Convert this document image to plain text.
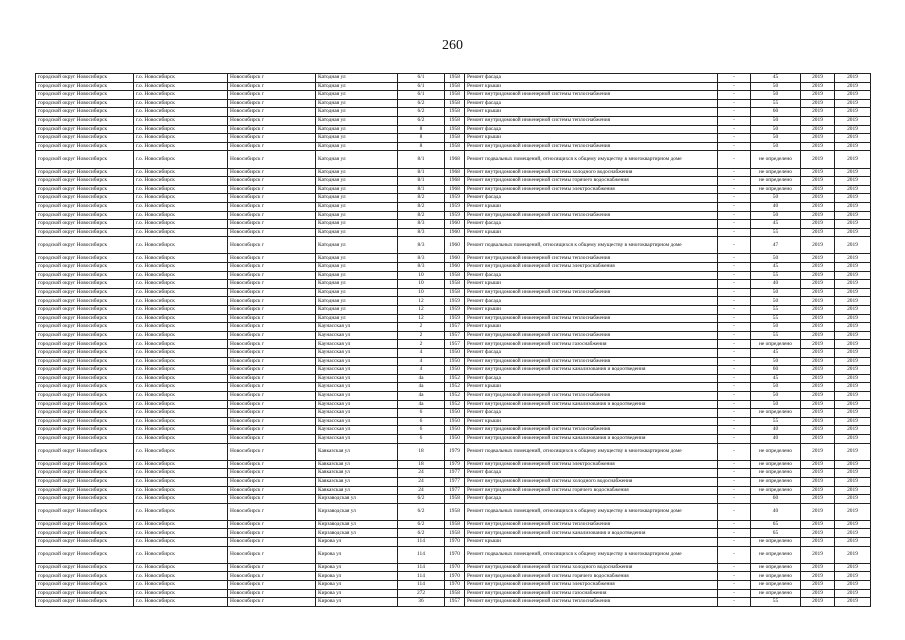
260
городской округ Новосибирск	г.о. Новосибирск	Новосибирск г	Катодная ул	6/1	1958	Ремонт фасада	-	45	2019	2019
городской округ Новосибирск	г.о. Новосибирск	Новосибирск г	Катодная ул	6/1	1958	Ремонт крыши	-	50	2019	2019
городской округ Новосибирск	г.о. Новосибирск	Новосибирск г	Катодная ул	6/1	1958	Ремонт внутридомовой инженерной системы теплоснабжения	-	50	2019	2019
городской округ Новосибирск	г.о. Новосибирск	Новосибирск г	Катодная ул	6/2	1958	Ремонт фасада	-	55	2019	2019
городской округ Новосибирск	г.о. Новосибирск	Новосибирск г	Катодная ул	6/2	1958	Ремонт крыши	-	60	2019	2019
городской округ Новосибирск	г.о. Новосибирск	Новосибирск г	Катодная ул	6/2	1958	Ремонт внутридомовой инженерной системы теплоснабжения	-	50	2019	2019
городской округ Новосибирск	г.о. Новосибирск	Новосибирск г	Катодная ул	8	1958	Ремонт фасада	-	50	2019	2019
городской округ Новосибирск	г.о. Новосибирск	Новосибирск г	Катодная ул	8	1958	Ремонт крыши	-	50	2019	2019
городской округ Новосибирск	г.о. Новосибирск	Новосибирск г	Катодная ул	8	1958	Ремонт внутридомовой инженерной системы теплоснабжения	-	50	2019	2019
городской округ Новосибирск	г.о. Новосибирск	Новосибирск г	Катодная ул	8/1	1968	Ремонт подвальных помещений, относящихся к общему имуществу в многоквартирном доме	-	не определено	2019	2019
городской округ Новосибирск	г.о. Новосибирск	Новосибирск г	Катодная ул	8/1	1968	Ремонт внутридомовой инженерной системы холодного водоснабжения	-	не определено	2019	2019
городской округ Новосибирск	г.о. Новосибирск	Новосибирск г	Катодная ул	8/1	1968	Ремонт внутридомовой инженерной системы горячего водоснабжения	-	не определено	2019	2019
городской округ Новосибирск	г.о. Новосибирск	Новосибирск г	Катодная ул	8/1	1968	Ремонт внутридомовой инженерной системы электроснабжения	-	не определено	2019	2019
городской округ Новосибирск	г.о. Новосибирск	Новосибирск г	Катодная ул	8/2	1959	Ремонт фасада	-	50	2019	2019
городской округ Новосибирск	г.о. Новосибирск	Новосибирск г	Катодная ул	8/2	1959	Ремонт крыши	-	40	2019	2019
городской округ Новосибирск	г.о. Новосибирск	Новосибирск г	Катодная ул	8/2	1959	Ремонт внутридомовой инженерной системы теплоснабжения	-	50	2019	2019
городской округ Новосибирск	г.о. Новосибирск	Новосибирск г	Катодная ул	8/3	1960	Ремонт фасада	-	45	2019	2019
городской округ Новосибирск	г.о. Новосибирск	Новосибирск г	Катодная ул	8/3	1960	Ремонт крыши	-	55	2019	2019
городской округ Новосибирск	г.о. Новосибирск	Новосибирск г	Катодная ул	8/3	1960	Ремонт подвальных помещений, относящихся к общему имуществу в многоквартирном доме	-	47	2019	2019
городской округ Новосибирск	г.о. Новосибирск	Новосибирск г	Катодная ул	8/3	1960	Ремонт внутридомовой инженерной системы теплоснабжения	-	50	2019	2019
городской округ Новосибирск	г.о. Новосибирск	Новосибирск г	Катодная ул	8/3	1960	Ремонт внутридомовой инженерной системы электроснабжения	-	45	2019	2019
городской округ Новосибирск	г.о. Новосибирск	Новосибирск г	Катодная ул	10	1958	Ремонт фасада	-	55	2019	2019
городской округ Новосибирск	г.о. Новосибирск	Новосибирск г	Катодная ул	10	1958	Ремонт крыши	-	40	2019	2019
городской округ Новосибирск	г.о. Новосибирск	Новосибирск г	Катодная ул	10	1958	Ремонт внутридомовой инженерной системы теплоснабжения	-	50	2019	2019
городской округ Новосибирск	г.о. Новосибирск	Новосибирск г	Катодная ул	12	1959	Ремонт фасада	-	50	2019	2019
городской округ Новосибирск	г.о. Новосибирск	Новосибирск г	Катодная ул	12	1959	Ремонт крыши	-	55	2019	2019
городской округ Новосибирск	г.о. Новосибирск	Новосибирск г	Катодная ул	12	1959	Ремонт внутридомовой инженерной системы теплоснабжения	-	55	2019	2019
городской округ Новосибирск	г.о. Новосибирск	Новосибирск г	Каунасская ул	2	1957	Ремонт крыши	-	50	2019	2019
городской округ Новосибирск	г.о. Новосибирск	Новосибирск г	Каунасская ул	2	1957	Ремонт внутридомовой инженерной системы теплоснабжения	-	55	2019	2019
городской округ Новосибирск	г.о. Новосибирск	Новосибирск г	Каунасская ул	2	1957	Ремонт внутридомовой инженерной системы газоснабжения	-	не определено	2019	2019
городской округ Новосибирск	г.о. Новосибирск	Новосибирск г	Каунасская ул	4	1950	Ремонт фасада	-	45	2019	2019
городской округ Новосибирск	г.о. Новосибирск	Новосибирск г	Каунасская ул	4	1950	Ремонт внутридомовой инженерной системы теплоснабжения	-	50	2019	2019
городской округ Новосибирск	г.о. Новосибирск	Новосибирск г	Каунасская ул	4	1950	Ремонт внутридомовой инженерной системы канализования и водоотведения	-	60	2019	2019
городской округ Новосибирск	г.о. Новосибирск	Новосибирск г	Каунасская ул	4а	1952	Ремонт фасада	-	45	2019	2019
городской округ Новосибирск	г.о. Новосибирск	Новосибирск г	Каунасская ул	4а	1952	Ремонт крыши	-	50	2019	2019
городской округ Новосибирск	г.о. Новосибирск	Новосибирск г	Каунасская ул	4а	1952	Ремонт внутридомовой инженерной системы теплоснабжения	-	50	2019	2019
городской округ Новосибирск	г.о. Новосибирск	Новосибирск г	Каунасская ул	4а	1952	Ремонт внутридомовой инженерной системы канализования и водоотведения	-	50	2019	2019
городской округ Новосибирск	г.о. Новосибирск	Новосибирск г	Каунасская ул	6	1950	Ремонт фасада	-	не определено	2019	2019
городской округ Новосибирск	г.о. Новосибирск	Новосибирск г	Каунасская ул	6	1950	Ремонт крыши	-	55	2019	2019
городской округ Новосибирск	г.о. Новосибирск	Новосибирск г	Каунасская ул	6	1950	Ремонт внутридомовой инженерной системы теплоснабжения	-	40	2019	2019
городской округ Новосибирск	г.о. Новосибирск	Новосибирск г	Каунасская ул	6	1950	Ремонт внутридомовой инженерной системы канализования и водоотведения	-	40	2019	2019
городской округ Новосибирск	г.о. Новосибирск	Новосибирск г	Кавказская ул	18	1979	Ремонт подвальных помещений, относящихся к общему имуществу в многоквартирном доме	-	не определено	2019	2019
городской округ Новосибирск	г.о. Новосибирск	Новосибирск г	Кавказская ул	18	1979	Ремонт внутридомовой инженерной системы электроснабжения	-	не определено	2019	2019
городской округ Новосибирск	г.о. Новосибирск	Новосибирск г	Кавказская ул	24	1977	Ремонт фасада	-	не определено	2019	2019
городской округ Новосибирск	г.о. Новосибирск	Новосибирск г	Кавказская ул	24	1977	Ремонт внутридомовой инженерной системы холодного водоснабжения	-	не определено	2019	2019
городской округ Новосибирск	г.о. Новосибирск	Новосибирск г	Кавказская ул	24	1977	Ремонт внутридомовой инженерной системы горячего водоснабжения	-	не определено	2019	2019
городской округ Новосибирск	г.о. Новосибирск	Новосибирск г	Кирзаводская ул	6/2	1958	Ремонт фасада	-	60	2019	2019
городской округ Новосибирск	г.о. Новосибирск	Новосибирск г	Кирзаводская ул	6/2	1958	Ремонт подвальных помещений, относящихся к общему имуществу в многоквартирном доме	-	40	2019	2019
городской округ Новосибирск	г.о. Новосибирск	Новосибирск г	Кирзаводская ул	6/2	1958	Ремонт внутридомовой инженерной системы теплоснабжения	-	65	2019	2019
городской округ Новосибирск	г.о. Новосибирск	Новосибирск г	Кирзаводская ул	6/2	1958	Ремонт внутридомовой инженерной системы канализования и водоотведения	-	65	2019	2019
городской округ Новосибирск	г.о. Новосибирск	Новосибирск г	Кирова ул	114	1970	Ремонт крыши	-	не определено	2019	2019
городской округ Новосибирск	г.о. Новосибирск	Новосибирск г	Кирова ул	114	1970	Ремонт подвальных помещений, относящихся к общему имуществу в многоквартирном доме	-	не определено	2019	2019
городской округ Новосибирск	г.о. Новосибирск	Новосибирск г	Кирова ул	114	1970	Ремонт внутридомовой инженерной системы холодного водоснабжения	-	не определено	2019	2019
городской округ Новосибирск	г.о. Новосибирск	Новосибирск г	Кирова ул	114	1970	Ремонт внутридомовой инженерной системы горячего водоснабжения	-	не определено	2019	2019
городской округ Новосибирск	г.о. Новосибирск	Новосибирск г	Кирова ул	114	1970	Ремонт внутридомовой инженерной системы электроснабжения	-	не определено	2019	2019
городской округ Новосибирск	г.о. Новосибирск	Новосибирск г	Кирова ул	272	1958	Ремонт внутридомовой инженерной системы газоснабжения	-	не определено	2019	2019
городской округ Новосибирск	г.о. Новосибирск	Новосибирск г	Кирова ул	36	1957	Ремонт внутридомовой инженерной системы теплоснабжения	-	55	2019	2019
